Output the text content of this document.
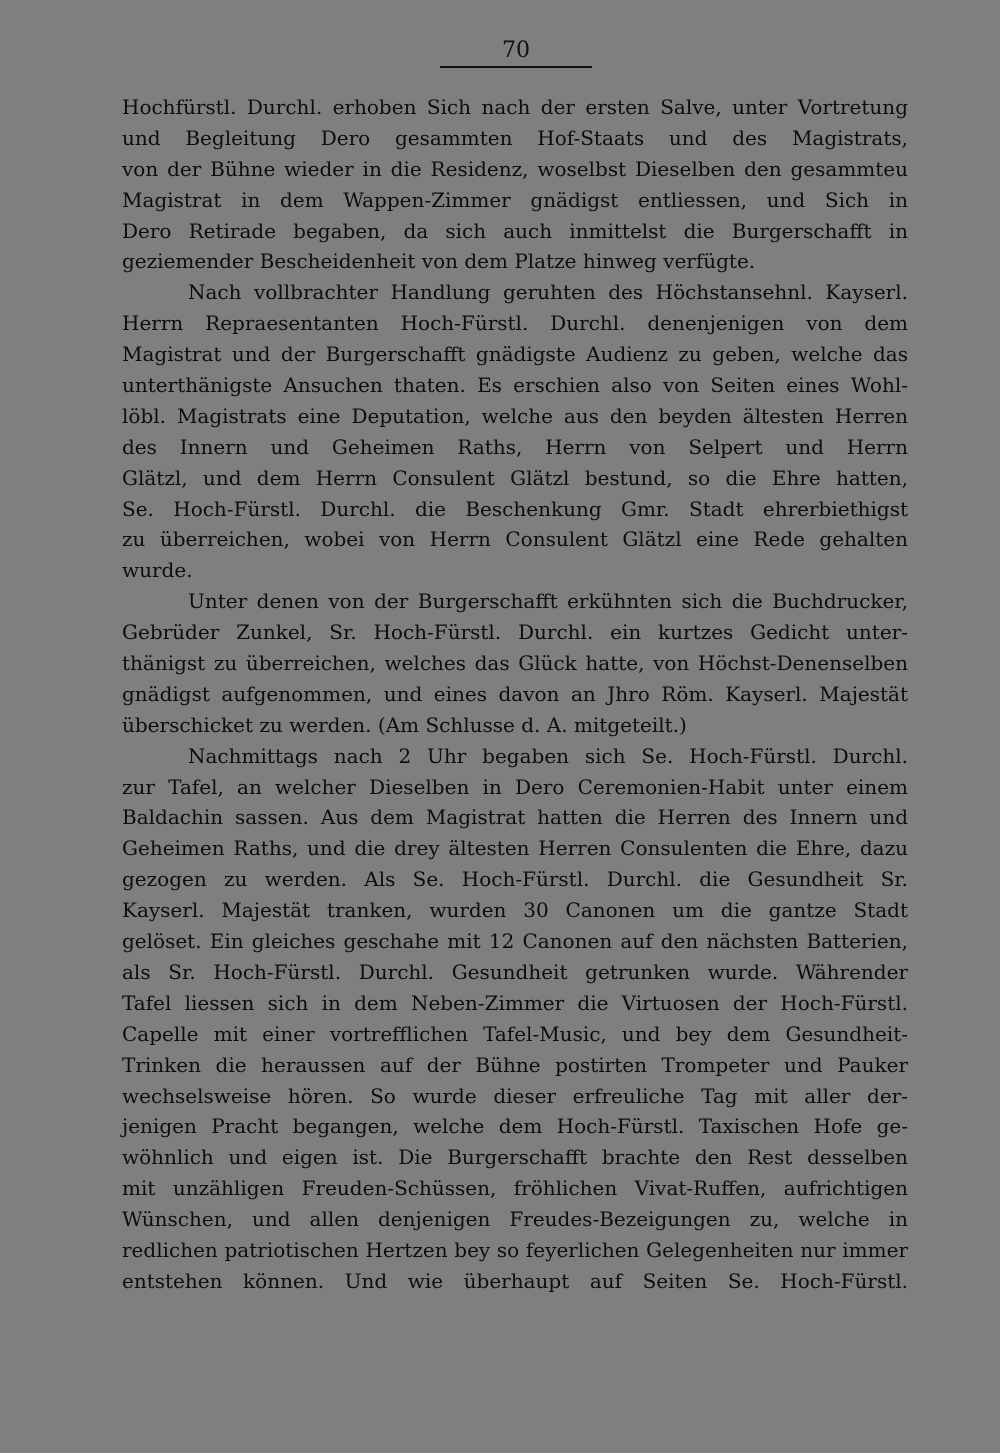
70
Hochfürstl. Durchl. erhoben Sich nach der ersten Salve, unter Vortretung
und Begleitung Dero gesammten Hof-Staats und des Magistrats,
von der Bühne wieder in die Residenz, woselbst Dieselben den gesammteu
Magistrat in dem Wappen-Zimmer gnädigst entliessen, und Sich in
Dero Retirade begaben, da sich auch inmittelst die Burgerschafft in
geziemender Bescheidenheit von dem Platze hinweg verfügte.
Nach vollbrachter Handlung geruhten des Höchstansehnl. Kayserl.
Herrn Repraesentanten Hoch-Fürstl. Durchl. denenjenigen von dem
Magistrat und der Burgerschafft gnädigste Audienz zu geben, welche das
unterthänigste Ansuchen thaten. Es erschien also von Seiten eines Wohl-
löbl. Magistrats eine Deputation, welche aus den beyden ältesten Herren
des Innern und Geheimen Raths, Herrn von Selpert und Herrn
Glätzl, und dem Herrn Consulent Glätzl bestund, so die Ehre hatten,
Se. Hoch-Fürstl. Durchl. die Beschenkung Gmr. Stadt ehrerbiethigst
zu überreichen, wobei von Herrn Consulent Glätzl eine Rede gehalten
wurde.
Unter denen von der Burgerschafft erkühnten sich die Buchdrucker,
Gebrüder Zunkel, Sr. Hoch-Fürstl. Durchl. ein kurtzes Gedicht unter-
thänigst zu überreichen, welches das Glück hatte, von Höchst-Denenselben
gnädigst aufgenommen, und eines davon an Jhro Röm. Kayserl. Majestät
überschicket zu werden. (Am Schlusse d. A. mitgeteilt.)
Nachmittags nach 2 Uhr begaben sich Se. Hoch-Fürstl. Durchl.
zur Tafel, an welcher Dieselben in Dero Ceremonien-Habit unter einem
Baldachin sassen. Aus dem Magistrat hatten die Herren des Innern und
Geheimen Raths, und die drey ältesten Herren Consulenten die Ehre, dazu
gezogen zu werden. Als Se. Hoch-Fürstl. Durchl. die Gesundheit Sr.
Kayserl. Majestät tranken, wurden 30 Canonen um die gantze Stadt
gelöset. Ein gleiches geschahe mit 12 Canonen auf den nächsten Batterien,
als Sr. Hoch-Fürstl. Durchl. Gesundheit getrunken wurde. Währender
Tafel liessen sich in dem Neben-Zimmer die Virtuosen der Hoch-Fürstl.
Capelle mit einer vortrefflichen Tafel-Music, und bey dem Gesundheit-
Trinken die heraussen auf der Bühne postirten Trompeter und Pauker
wechselsweise hören. So wurde dieser erfreuliche Tag mit aller der-
jenigen Pracht begangen, welche dem Hoch-Fürstl. Taxischen Hofe ge-
wöhnlich und eigen ist. Die Burgerschafft brachte den Rest desselben
mit unzähligen Freuden-Schüssen, fröhlichen Vivat-Ruffen, aufrichtigen
Wünschen, und allen denjenigen Freudes-Bezeigungen zu, welche in
redlichen patriotischen Hertzen bey so feyerlichen Gelegenheiten nur immer
entstehen können. Und wie überhaupt auf Seiten Se. Hoch-Fürstl.
